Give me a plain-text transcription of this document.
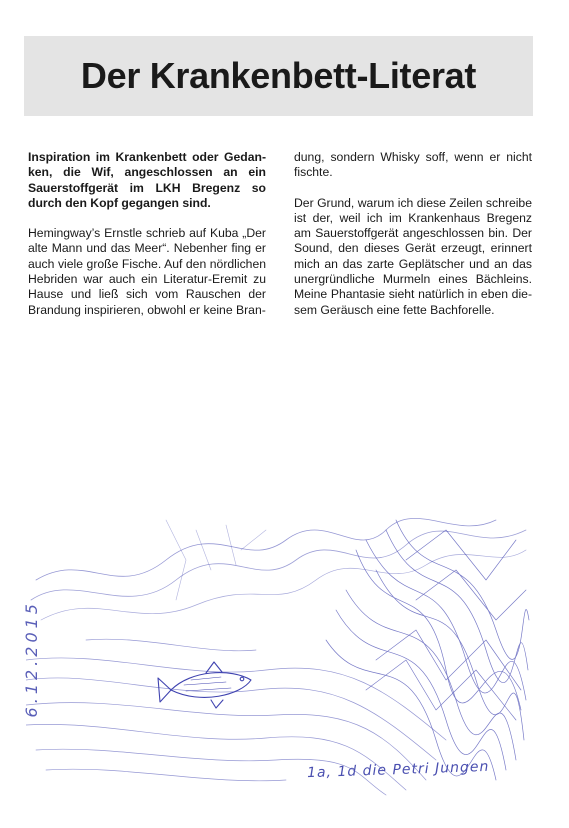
Der Krankenbett-Literat

Inspiration im Krankenbett oder Gedanken, die Wif, angeschlossen an ein Sauerstoffgerät im LKH Bregenz so durch den Kopf gegangen sind.

Hemingway’s Ernstle schrieb auf Kuba „Der alte Mann und das Meer“. Nebenher fing er auch viele große Fische. Auf den nördlichen Hebriden war auch ein Literatur-Eremit zu Hause und ließ sich vom Rauschen der Brandung inspirieren, obwohl er keine Bran-

dung, sondern Whisky soff, wenn er nicht fischte.

Der Grund, warum ich diese Zeilen schreibe ist der, weil ich im Krankenhaus Bregenz am Sauerstoffgerät angeschlossen bin. Der Sound, den dieses Gerät erzeugt, erinnert mich an das zarte Geplätscher und an das unergründliche Murmeln eines Bächleins. Meine Phantasie sieht natürlich in eben diesem Geräusch eine fette Bachforelle.

6.12.2015
1a, 1d die Petri Jungen
